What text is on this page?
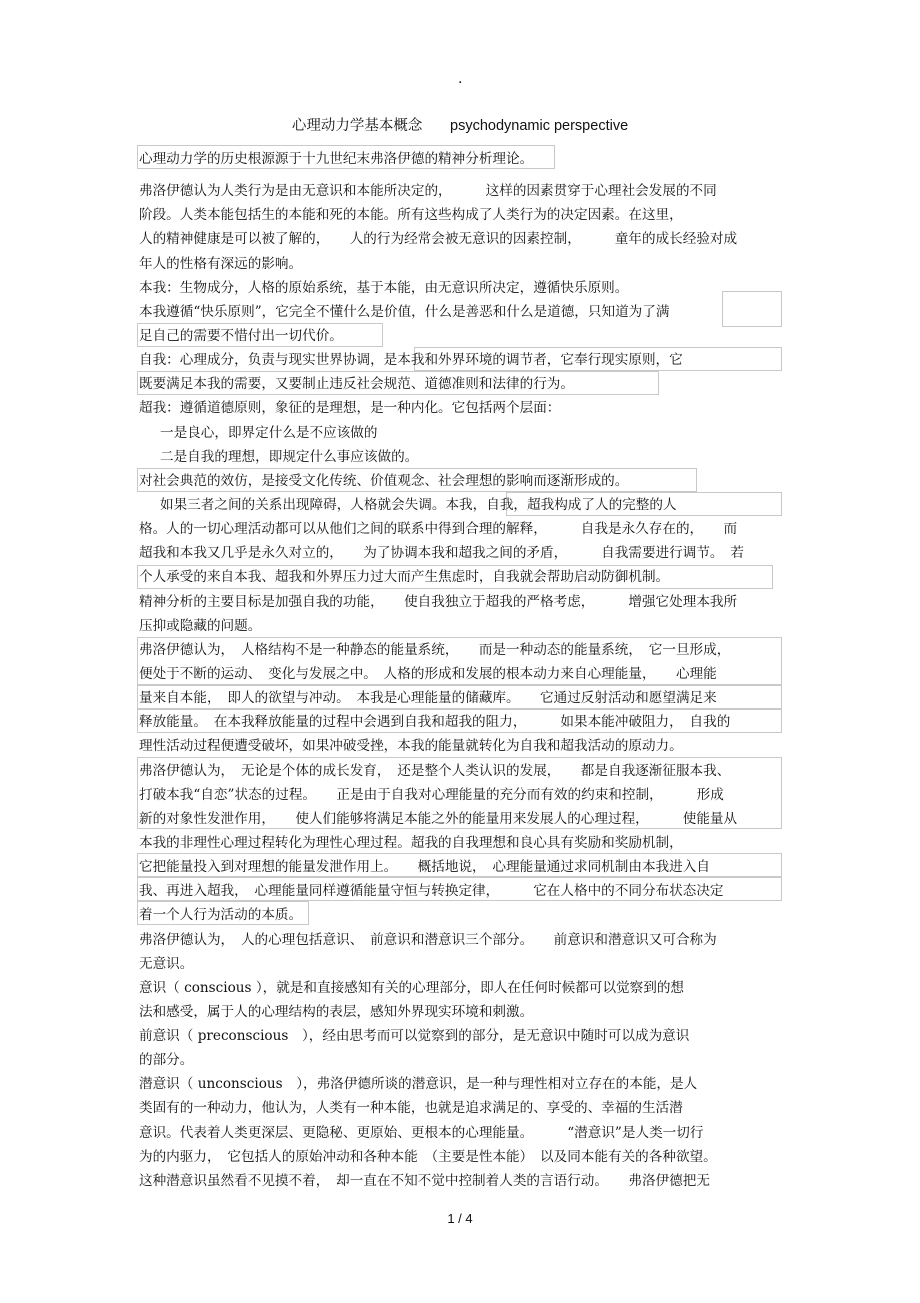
.
心理动力学基本概念 psychodynamic perspective
心理动力学的历史根源源于十九世纪末弗洛伊德的精神分析理论。
弗洛伊德认为人类行为是由无意识和本能所决定的，　　　这样的因素贯穿于心理社会发展的不同
阶段。人类本能包括生的本能和死的本能。所有这些构成了人类行为的决定因素。在这里，
人的精神健康是可以被了解的，　　人的行为经常会被无意识的因素控制，　　　童年的成长经验对成
年人的性格有深远的影响。
本我：生物成分，人格的原始系统，基于本能，由无意识所决定，遵循快乐原则。
本我遵循“快乐原则”，它完全不懂什么是价值，什么是善恶和什么是道德，只知道为了满
足自己的需要不惜付出一切代价。
自我：心理成分，负责与现实世界协调，是本我和外界环境的调节者，它奉行现实原则，它
既要满足本我的需要，又要制止违反社会规范、道德准则和法律的行为。
超我：遵循道德原则，象征的是理想，是一种内化。它包括两个层面：
一是良心，即界定什么是不应该做的
二是自我的理想，即规定什么事应该做的。
对社会典范的效仿，是接受文化传统、价值观念、社会理想的影响而逐渐形成的。
如果三者之间的关系出现障碍，人格就会失调。本我，自我，超我构成了人的完整的人
格。人的一切心理活动都可以从他们之间的联系中得到合理的解释，　　　自我是永久存在的，　　而
超我和本我又几乎是永久对立的，　　为了协调本我和超我之间的矛盾，　　　自我需要进行调节。　若
个人承受的来自本我、超我和外界压力过大而产生焦虑时，自我就会帮助启动防御机制。
精神分析的主要目标是加强自我的功能，　　使自我独立于超我的严格考虑，　　　增强它处理本我所
压抑或隐藏的问题。
弗洛伊德认为，　人格结构不是一种静态的能量系统，　　而是一种动态的能量系统，　它一旦形成，
便处于不断的运动、　变化与发展之中。　人格的形成和发展的根本动力来自心理能量，　　心理能
量来自本能，　即人的欲望与冲动。　本我是心理能量的储藏库。　　它通过反射活动和愿望满足来
释放能量。　在本我释放能量的过程中会遇到自我和超我的阻力，　　　如果本能冲破阻力，　自我的
理性活动过程便遭受破坏，如果冲破受挫，本我的能量就转化为自我和超我活动的原动力。
弗洛伊德认为，　无论是个体的成长发育，　还是整个人类认识的发展，　　都是自我逐渐征服本我、
打破本我“自恋”状态的过程。　　正是由于自我对心理能量的充分而有效的约束和控制，　　　形成
新的对象性发泄作用，　　使人们能够将满足本能之外的能量用来发展人的心理过程，　　　使能量从
本我的非理性心理过程转化为理性心理过程。超我的自我理想和良心具有奖励和奖励机制，
它把能量投入到对理想的能量发泄作用上。　　概括地说，　心理能量通过求同机制由本我进入自
我、再进入超我，　心理能量同样遵循能量守恒与转换定律，　　　它在人格中的不同分布状态决定
着一个人行为活动的本质。
弗洛伊德认为，　人的心理包括意识、　前意识和潜意识三个部分。　　前意识和潜意识又可合称为
无意识。
意识（ conscious ），就是和直接感知有关的心理部分，即人在任何时候都可以觉察到的想
法和感受，属于人的心理结构的表层，感知外界现实环境和刺激。
前意识（ preconscious　），经由思考而可以觉察到的部分，是无意识中随时可以成为意识
的部分。
潜意识（ unconscious　），弗洛伊德所谈的潜意识，是一种与理性相对立存在的本能，是人
类固有的一种动力，他认为，人类有一种本能，也就是追求满足的、享受的、幸福的生活潜
意识。代表着人类更深层、更隐秘、更原始、更根本的心理能量。　　　“潜意识”是人类一切行
为的内驱力，　它包括人的原始冲动和各种本能　（主要是性本能）　以及同本能有关的各种欲望。
这种潜意识虽然看不见摸不着，　却一直在不知不觉中控制着人类的言语行动。　　弗洛伊德把无
1 / 4
